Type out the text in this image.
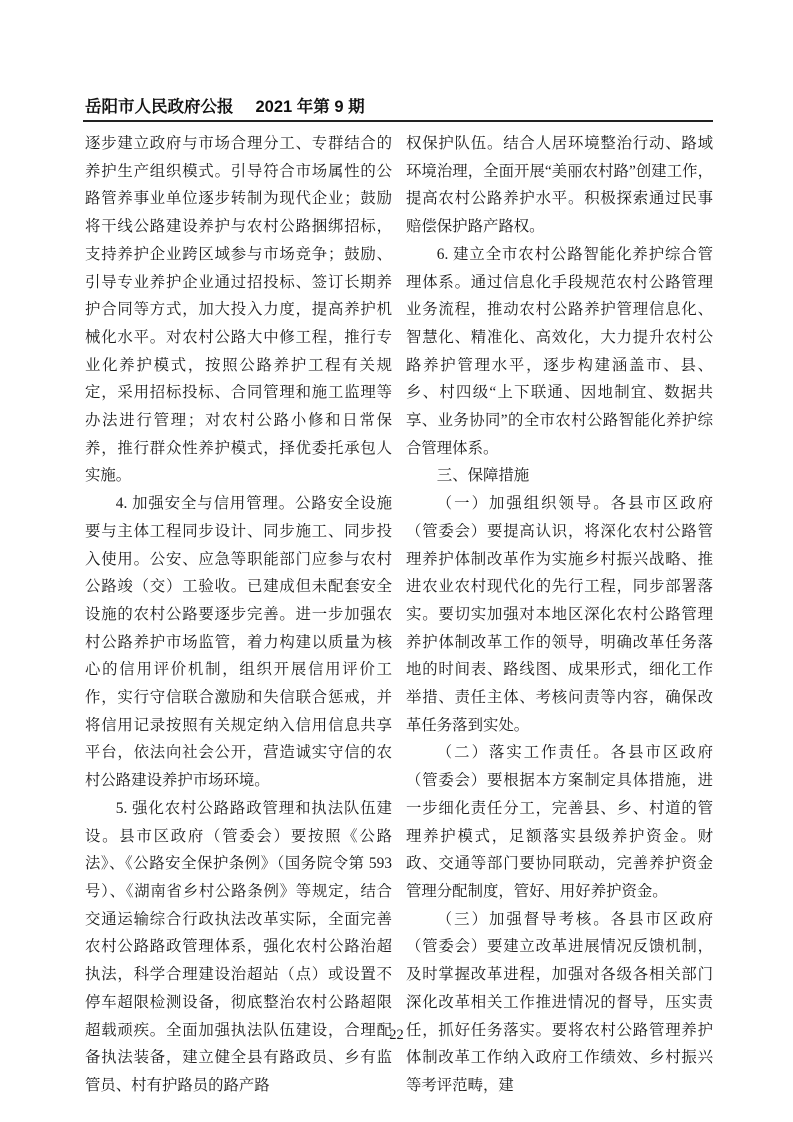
岳阳市人民政府公报 2021 年第 9 期

逐步建立政府与市场合理分工、专群结合的养护生产组织模式。引导符合市场属性的公路管养事业单位逐步转制为现代企业；鼓励将干线公路建设养护与农村公路捆绑招标，支持养护企业跨区域参与市场竞争；鼓励、引导专业养护企业通过招投标、签订长期养护合同等方式，加大投入力度，提高养护机械化水平。对农村公路大中修工程，推行专业化养护模式，按照公路养护工程有关规定，采用招标投标、合同管理和施工监理等办法进行管理；对农村公路小修和日常保养，推行群众性养护模式，择优委托承包人实施。

4. 加强安全与信用管理。公路安全设施要与主体工程同步设计、同步施工、同步投入使用。公安、应急等职能部门应参与农村公路竣（交）工验收。已建成但未配套安全设施的农村公路要逐步完善。进一步加强农村公路养护市场监管，着力构建以质量为核心的信用评价机制，组织开展信用评价工作，实行守信联合激励和失信联合惩戒，并将信用记录按照有关规定纳入信用信息共享平台，依法向社会公开，营造诚实守信的农村公路建设养护市场环境。

5. 强化农村公路路政管理和执法队伍建设。县市区政府（管委会）要按照《公路法》、《公路安全保护条例》（国务院令第 593 号）、《湖南省乡村公路条例》等规定，结合交通运输综合行政执法改革实际，全面完善农村公路路政管理体系，强化农村公路治超执法，科学合理建设治超站（点）或设置不停车超限检测设备，彻底整治农村公路超限超载顽疾。全面加强执法队伍建设，合理配备执法装备，建立健全县有路政员、乡有监管员、村有护路员的路产路

权保护队伍。结合人居环境整治行动、路域环境治理，全面开展“美丽农村路”创建工作，提高农村公路养护水平。积极探索通过民事赔偿保护路产路权。

6. 建立全市农村公路智能化养护综合管理体系。通过信息化手段规范农村公路管理业务流程，推动农村公路养护管理信息化、智慧化、精准化、高效化，大力提升农村公路养护管理水平，逐步构建涵盖市、县、乡、村四级“上下联通、因地制宜、数据共享、业务协同”的全市农村公路智能化养护综合管理体系。

三、保障措施

（一）加强组织领导。各县市区政府（管委会）要提高认识，将深化农村公路管理养护体制改革作为实施乡村振兴战略、推进农业农村现代化的先行工程，同步部署落实。要切实加强对本地区深化农村公路管理养护体制改革工作的领导，明确改革任务落地的时间表、路线图、成果形式，细化工作举措、责任主体、考核问责等内容，确保改革任务落到实处。

（二）落实工作责任。各县市区政府（管委会）要根据本方案制定具体措施，进一步细化责任分工，完善县、乡、村道的管理养护模式，足额落实县级养护资金。财政、交通等部门要协同联动，完善养护资金管理分配制度，管好、用好养护资金。

（三）加强督导考核。各县市区政府（管委会）要建立改革进展情况反馈机制，及时掌握改革进程，加强对各级各相关部门深化改革相关工作推进情况的督导，压实责任，抓好任务落实。要将农村公路管理养护体制改革工作纳入政府工作绩效、乡村振兴等考评范畴，建

22
